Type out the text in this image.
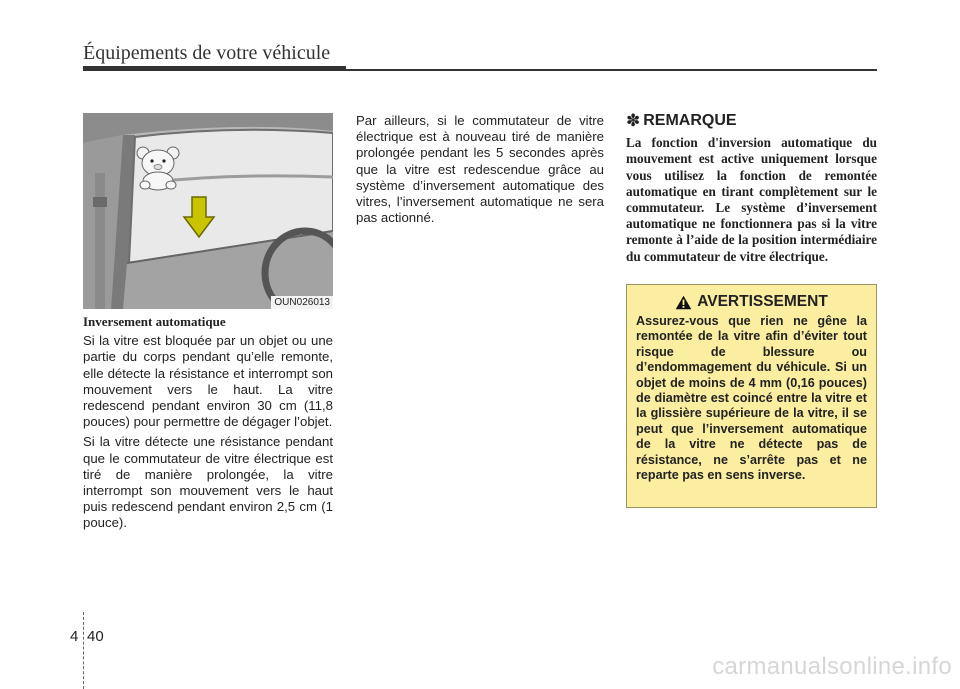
Équipements de votre véhicule
OUN026013
Inversement automatique

Si la vitre est bloquée par un objet ou une partie du corps pendant qu’elle remonte, elle détecte la résistance et interrompt son mouvement vers le haut. La vitre redescend pendant environ 30 cm (11,8 pouces) pour permettre de dégager l’objet.

Si la vitre détecte une résistance pendant que le commutateur de vitre électrique est tiré de manière prolongée, la vitre interrompt son mouvement vers le haut puis redescend pendant environ 2,5 cm (1 pouce).

Par ailleurs, si le commutateur de vitre électrique est à nouveau tiré de manière prolongée pendant les 5 secondes après que la vitre est redescendue grâce au système d’inversement automatique des vitres, l’inversement automatique ne sera pas actionné.

✽ REMARQUE

La fonction d'inversion automatique du mouvement est active uniquement lorsque vous utilisez la fonction de remontée automatique en tirant complètement sur le commutateur. Le système d’inversement automatique ne fonctionnera pas si la vitre remonte à l’aide de la position intermédiaire du commutateur de vitre électrique.

AVERTISSEMENT

Assurez-vous que rien ne gêne la remontée de la vitre afin d’éviter tout risque de blessure ou d’endommagement du véhicule. Si un objet de moins de 4 mm (0,16 pouces) de diamètre est coincé entre la vitre et la glissière supérieure de la vitre, il se peut que l’inversement automatique de la vitre ne détecte pas de résistance, ne s’arrête pas et ne reparte pas en sens inverse.

4 40
carmanualsonline.info
